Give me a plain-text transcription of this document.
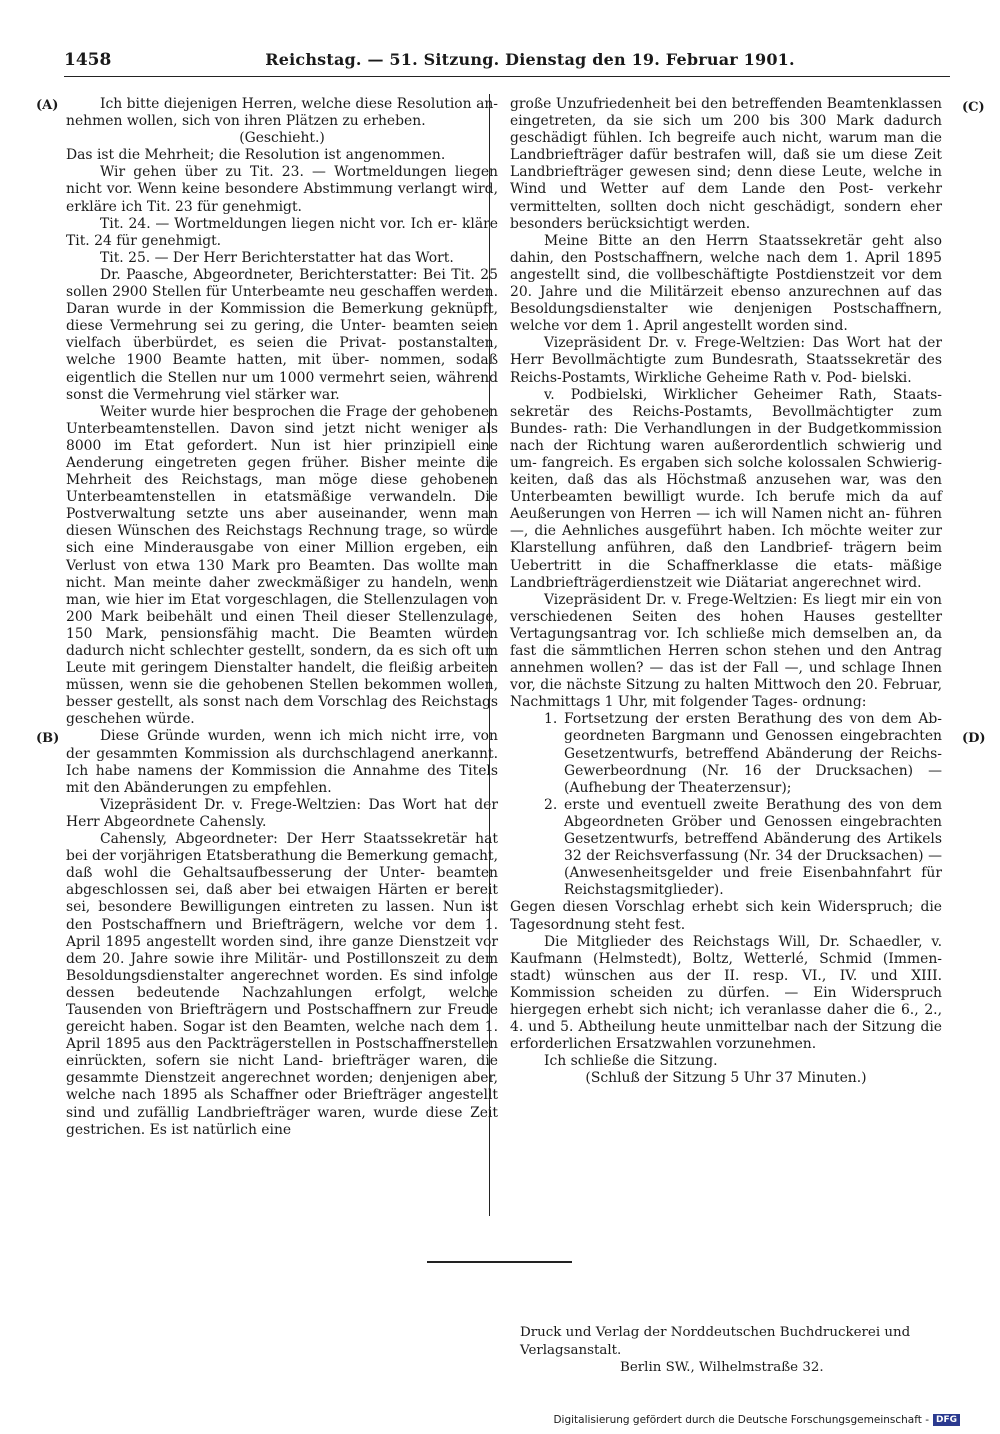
1458	Reichstag. — 51. Sitzung. Dienstag den 19. Februar 1901.
(A)
(B)
(C)
(D)

Ich bitte diejenigen Herren, welche diese Resolution an- nehmen wollen, sich von ihren Plätzen zu erheben.

(Geschieht.)

Das ist die Mehrheit; die Resolution ist angenommen.

Wir gehen über zu Tit. 23. — Wortmeldungen liegen nicht vor. Wenn keine besondere Abstimmung verlangt wird, erkläre ich Tit. 23 für genehmigt.

Tit. 24. — Wortmeldungen liegen nicht vor. Ich er- kläre Tit. 24 für genehmigt.

Tit. 25. — Der Herr Berichterstatter hat das Wort.

Dr. Paasche, Abgeordneter, Berichterstatter: Bei Tit. 25 sollen 2900 Stellen für Unterbeamte neu geschaffen werden. Daran wurde in der Kommission die Bemerkung geknüpft, diese Vermehrung sei zu gering, die Unter- beamten seien vielfach überbürdet, es seien die Privat- postanstalten, welche 1900 Beamte hatten, mit über- nommen, sodaß eigentlich die Stellen nur um 1000 vermehrt seien, während sonst die Vermehrung viel stärker war.

Weiter wurde hier besprochen die Frage der gehobenen Unterbeamtenstellen. Davon sind jetzt nicht weniger als 8000 im Etat gefordert. Nun ist hier prinzipiell eine Aenderung eingetreten gegen früher. Bisher meinte die Mehrheit des Reichstags, man möge diese gehobenen Unterbeamtenstellen in etatsmäßige verwandeln. Die Postverwaltung setzte uns aber auseinander, wenn man diesen Wünschen des Reichstags Rechnung trage, so würde sich eine Minderausgabe von einer Million ergeben, ein Verlust von etwa 130 Mark pro Beamten. Das wollte man nicht. Man meinte daher zweckmäßiger zu handeln, wenn man, wie hier im Etat vorgeschlagen, die Stellenzulagen von 200 Mark beibehält und einen Theil dieser Stellenzulage, 150 Mark, pensionsfähig macht. Die Beamten würden dadurch nicht schlechter gestellt, sondern, da es sich oft um Leute mit geringem Dienstalter handelt, die fleißig arbeiten müssen, wenn sie die gehobenen Stellen bekommen wollen, besser gestellt, als sonst nach dem Vorschlag des Reichstags geschehen würde.

Diese Gründe wurden, wenn ich mich nicht irre, von der gesammten Kommission als durchschlagend anerkannt. Ich habe namens der Kommission die Annahme des Titels mit den Abänderungen zu empfehlen.

Vizepräsident Dr. v. Frege-Weltzien: Das Wort hat der Herr Abgeordnete Cahensly.

Cahensly, Abgeordneter: Der Herr Staatssekretär hat bei der vorjährigen Etatsberathung die Bemerkung gemacht, daß wohl die Gehaltsaufbesserung der Unter- beamten abgeschlossen sei, daß aber bei etwaigen Härten er bereit sei, besondere Bewilligungen eintreten zu lassen. Nun ist den Postschaffnern und Briefträgern, welche vor dem 1. April 1895 angestellt worden sind, ihre ganze Dienstzeit vor dem 20. Jahre sowie ihre Militär- und Postillonszeit zu dem Besoldungsdienstalter angerechnet worden. Es sind infolge dessen bedeutende Nachzahlungen erfolgt, welche Tausenden von Briefträgern und Postschaffnern zur Freude gereicht haben. Sogar ist den Beamten, welche nach dem 1. April 1895 aus den Packträgerstellen in Postschaffnerstellen einrückten, sofern sie nicht Land- briefträger waren, die gesammte Dienstzeit angerechnet worden; denjenigen aber, welche nach 1895 als Schaffner oder Briefträger angestellt sind und zufällig Landbriefträger waren, wurde diese Zeit gestrichen. Es ist natürlich eine

große Unzufriedenheit bei den betreffenden Beamtenklassen eingetreten, da sie sich um 200 bis 300 Mark dadurch geschädigt fühlen. Ich begreife auch nicht, warum man die Landbriefträger dafür bestrafen will, daß sie um diese Zeit Landbriefträger gewesen sind; denn diese Leute, welche in Wind und Wetter auf dem Lande den Post- verkehr vermittelten, sollten doch nicht geschädigt, sondern eher besonders berücksichtigt werden.

Meine Bitte an den Herrn Staatssekretär geht also dahin, den Postschaffnern, welche nach dem 1. April 1895 angestellt sind, die vollbeschäftigte Postdienstzeit vor dem 20. Jahre und die Militärzeit ebenso anzurechnen auf das Besoldungsdienstalter wie denjenigen Postschaffnern, welche vor dem 1. April angestellt worden sind.

Vizepräsident Dr. v. Frege-Weltzien: Das Wort hat der Herr Bevollmächtigte zum Bundesrath, Staatssekretär des Reichs-Postamts, Wirkliche Geheime Rath v. Pod- bielski.

v. Podbielski, Wirklicher Geheimer Rath, Staats- sekretär des Reichs-Postamts, Bevollmächtigter zum Bundes- rath: Die Verhandlungen in der Budgetkommission nach der Richtung waren außerordentlich schwierig und um- fangreich. Es ergaben sich solche kolossalen Schwierig- keiten, daß das als Höchstmaß anzusehen war, was den Unterbeamten bewilligt wurde. Ich berufe mich da auf Aeußerungen von Herren — ich will Namen nicht an- führen —, die Aehnliches ausgeführt haben. Ich möchte weiter zur Klarstellung anführen, daß den Landbrief- trägern beim Uebertritt in die Schaffnerklasse die etats- mäßige Landbriefträgerdienstzeit wie Diätariat angerechnet wird.

Vizepräsident Dr. v. Frege-Weltzien: Es liegt mir ein von verschiedenen Seiten des hohen Hauses gestellter Vertagungsantrag vor. Ich schließe mich demselben an, da fast die sämmtlichen Herren schon stehen und den Antrag annehmen wollen? — das ist der Fall —, und schlage Ihnen vor, die nächste Sitzung zu halten Mittwoch den 20. Februar, Nachmittags 1 Uhr, mit folgender Tages- ordnung:

1. Fortsetzung der ersten Berathung des von dem Ab- geordneten Bargmann und Genossen eingebrachten Gesetzentwurfs, betreffend Abänderung der Reichs- Gewerbeordnung (Nr. 16 der Drucksachen) — (Aufhebung der Theaterzensur);
2. erste und eventuell zweite Berathung des von dem Abgeordneten Gröber und Genossen eingebrachten Gesetzentwurfs, betreffend Abänderung des Artikels 32 der Reichsverfassung (Nr. 34 der Drucksachen) — (Anwesenheitsgelder und freie Eisenbahnfahrt für Reichstagsmitglieder).

Gegen diesen Vorschlag erhebt sich kein Widerspruch; die Tagesordnung steht fest.

Die Mitglieder des Reichstags Will, Dr. Schaedler, v. Kaufmann (Helmstedt), Boltz, Wetterlé, Schmid (Immen- stadt) wünschen aus der II. resp. VI., IV. und XIII. Kommission scheiden zu dürfen. — Ein Widerspruch hiergegen erhebt sich nicht; ich veranlasse daher die 6., 2., 4. und 5. Abtheilung heute unmittelbar nach der Sitzung die erforderlichen Ersatzwahlen vorzunehmen.

Ich schließe die Sitzung.

(Schluß der Sitzung 5 Uhr 37 Minuten.)

Druck und Verlag der Norddeutschen Buchdruckerei und Verlagsanstalt.
Berlin SW., Wilhelmstraße 32.
Digitalisierung gefördert durch die Deutsche Forschungsgemeinschaft - DFG
